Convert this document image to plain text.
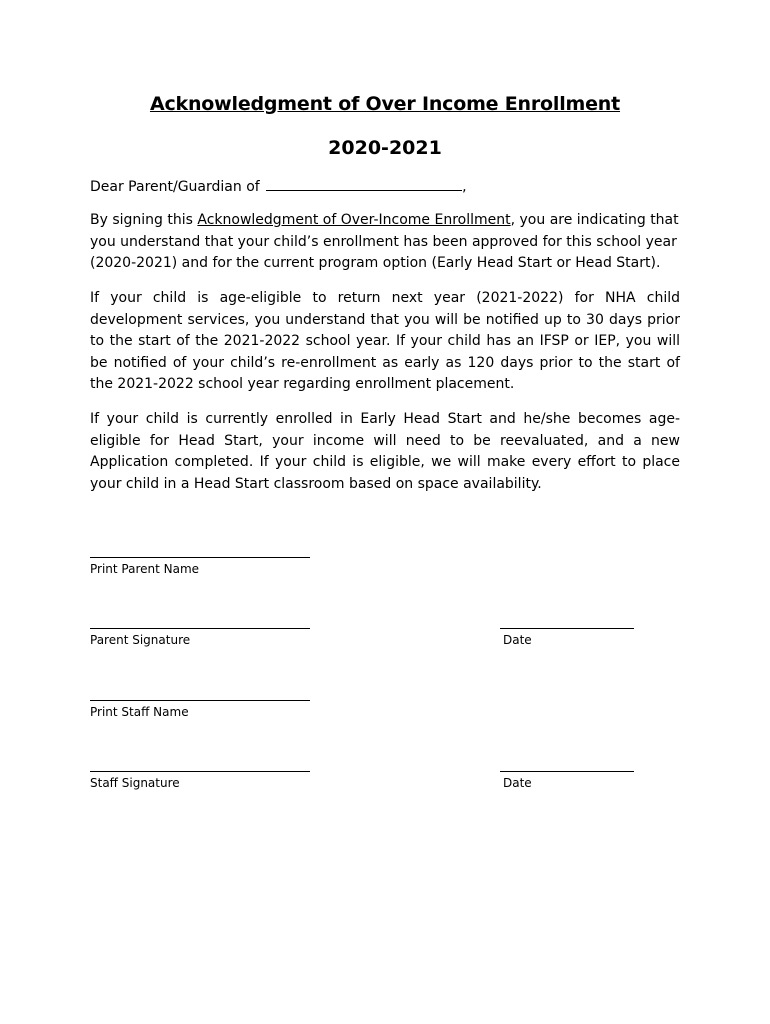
Acknowledgment of Over Income Enrollment
2020-2021
Dear Parent/Guardian of	,

By signing this Acknowledgment of Over-Income Enrollment, you are indicating that you understand that your child’s enrollment has been approved for this school year (2020-2021) and for the current program option (Early Head Start or Head Start).

If your child is age-eligible to return next year (2021-2022) for NHA child development services, you understand that you will be notified up to 30 days prior to the start of the 2021-2022 school year. If your child has an IFSP or IEP, you will be notified of your child’s re-enrollment as early as 120 days prior to the start of the 2021-2022 school year regarding enrollment placement.

If your child is currently enrolled in Early Head Start and he/she becomes age-eligible for Head Start, your income will need to be reevaluated, and a new Application completed. If your child is eligible, we will make every effort to place your child in a Head Start classroom based on space availability.

Print Parent Name
Parent Signature	Date
Print Staff Name
Staff Signature	Date
